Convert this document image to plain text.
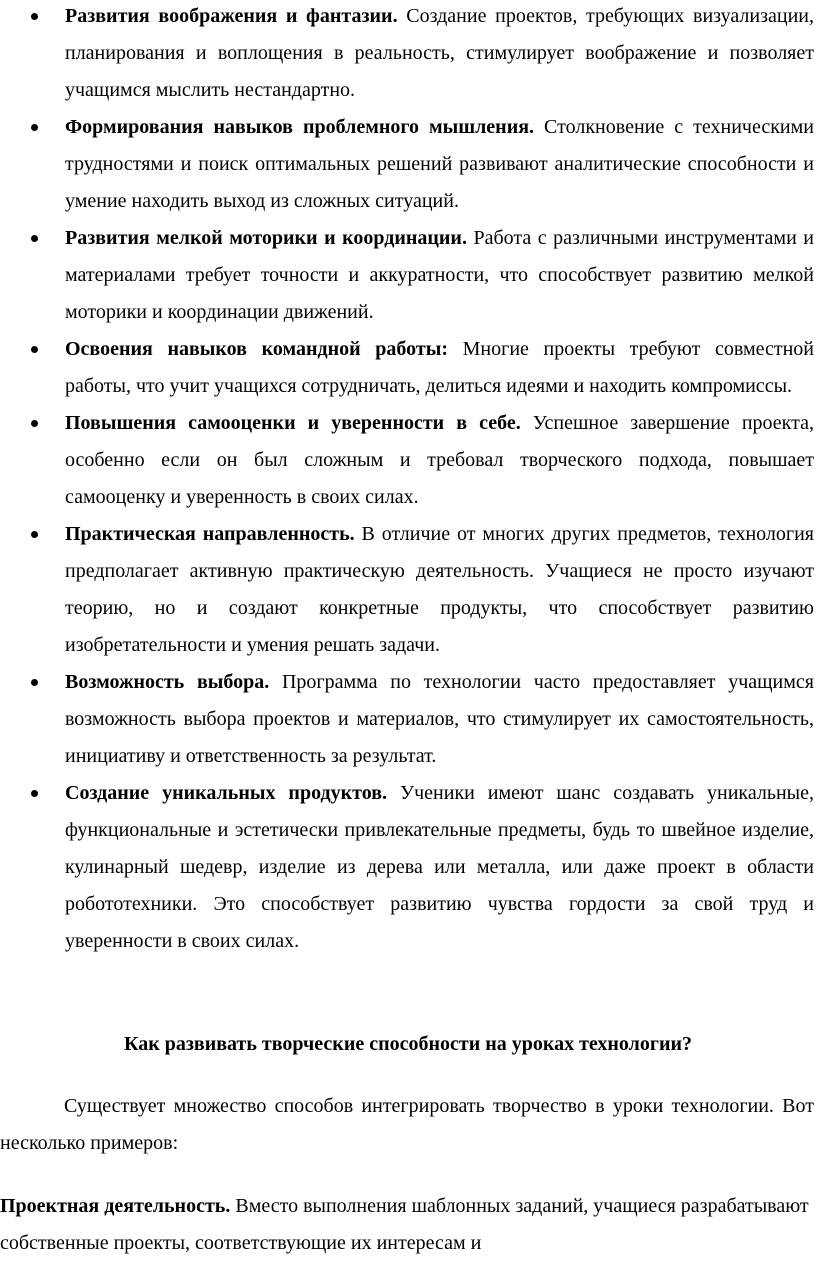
Развития воображения и фантазии. Создание проектов, требующих визуализации, планирования и воплощения в реальность, стимулирует воображение и позволяет учащимся мыслить нестандартно.
Формирования навыков проблемного мышления. Столкновение с техническими трудностями и поиск оптимальных решений развивают аналитические способности и умение находить выход из сложных ситуаций.
Развития мелкой моторики и координации. Работа с различными инструментами и материалами требует точности и аккуратности, что способствует развитию мелкой моторики и координации движений.
Освоения навыков командной работы: Многие проекты требуют совместной работы, что учит учащихся сотрудничать, делиться идеями и находить компромиссы.
Повышения самооценки и уверенности в себе. Успешное завершение проекта, особенно если он был сложным и требовал творческого подхода, повышает самооценку и уверенность в своих силах.
Практическая направленность. В отличие от многих других предметов, технология предполагает активную практическую деятельность. Учащиеся не просто изучают теорию, но и создают конкретные продукты, что способствует развитию изобретательности и умения решать задачи.
Возможность выбора. Программа по технологии часто предоставляет учащимся возможность выбора проектов и материалов, что стимулирует их самостоятельность, инициативу и ответственность за результат.
Создание уникальных продуктов. Ученики имеют шанс создавать уникальные, функциональные и эстетически привлекательные предметы, будь то швейное изделие, кулинарный шедевр, изделие из дерева или металла, или даже проект в области робототехники. Это способствует развитию чувства гордости за свой труд и уверенности в своих силах.
Как развивать творческие способности на уроках технологии?

Существует множество способов интегрировать творчество в уроки технологии. Вот несколько примеров:

Проектная деятельность. Вместо выполнения шаблонных заданий, учащиеся разрабатывают собственные проекты, соответствующие их интересам и
